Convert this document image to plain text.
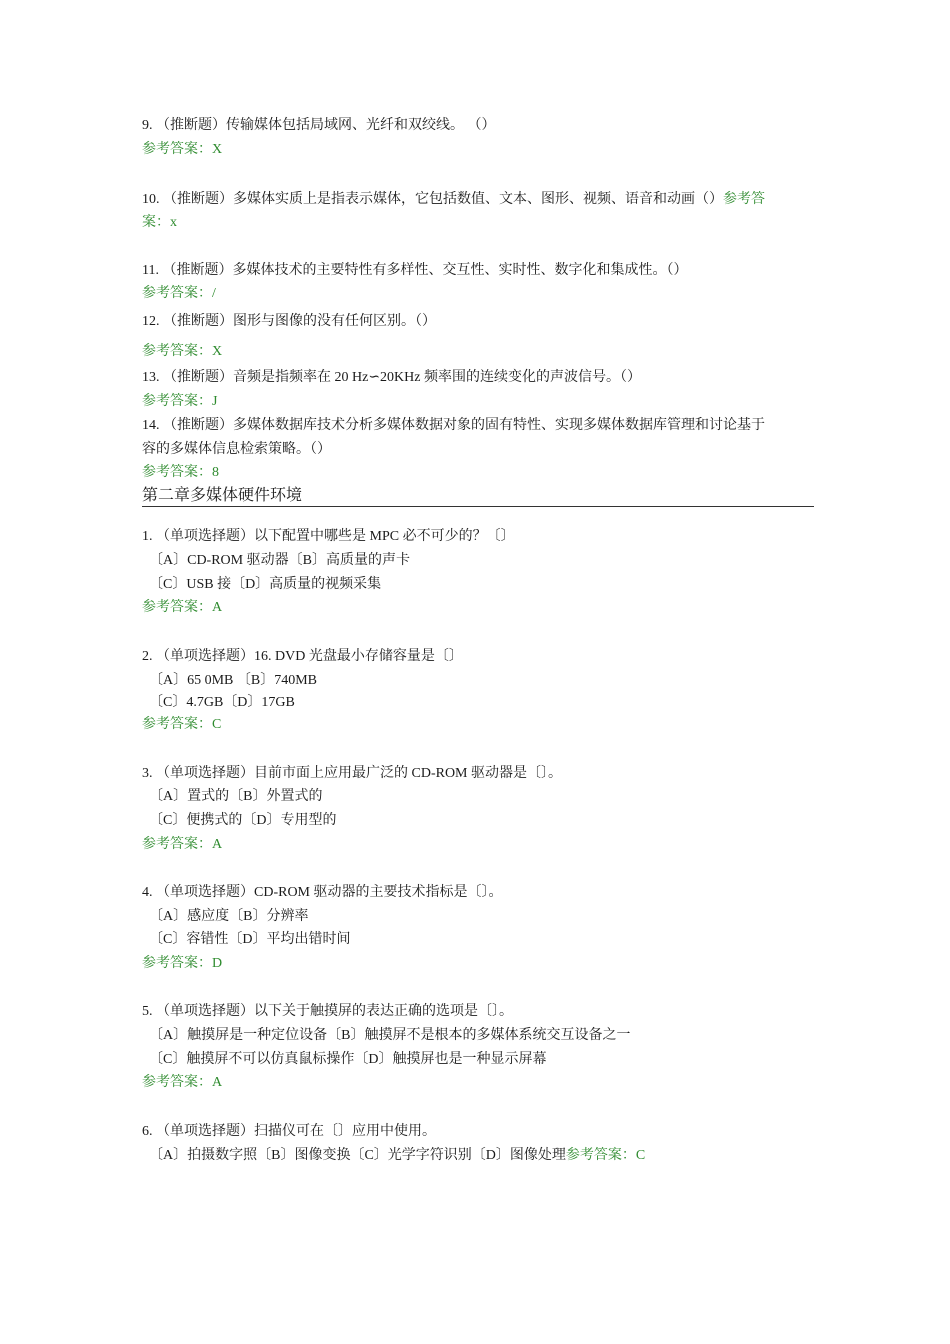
9. （推断题）传输媒体包括局域网、光纤和双绞线。 （）
参考答案：X
10. （推断题）多媒体实质上是指表示媒体，它包括数值、文本、图形、视频、语音和动画（）参考答
案：x
11. （推断题）多媒体技术的主要特性有多样性、交互性、实时性、数字化和集成性。（）
参考答案：/
12. （推断题）图形与图像的没有任何区别。（）
参考答案：X
13. （推断题）音频是指频率在 20 Hz∽20KHz 频率围的连续变化的声波信号。（）
参考答案：J
14. （推断题）多媒体数据库技术分析多媒体数据对象的固有特性、实现多媒体数据库管理和讨论基于
容的多媒体信息检索策略。（）
参考答案：8
第二章多媒体硬件环境
1. （单项选择题）以下配置中哪些是 MPC 必不可少的？〔〕
〔A〕CD-ROM 驱动器〔B〕高质量的声卡
〔C〕USB 接〔D〕高质量的视频采集
参考答案：A
2. （单项选择题）16. DVD 光盘最小存储容量是〔〕
〔A〕65 0MB 〔B〕740MB
〔C〕4.7GB〔D〕17GB
参考答案：C
3. （单项选择题）目前市面上应用最广泛的 CD-ROM 驱动器是〔〕。
〔A〕置式的〔B〕外置式的
〔C〕便携式的〔D〕专用型的
参考答案：A
4. （单项选择题）CD-ROM 驱动器的主要技术指标是〔〕。
〔A〕感应度〔B〕分辨率
〔C〕容错性〔D〕平均出错时间
参考答案：D
5. （单项选择题）以下关于触摸屏的表达正确的选项是〔〕。
〔A〕触摸屏是一种定位设备〔B〕触摸屏不是根本的多媒体系统交互设备之一
〔C〕触摸屏不可以仿真鼠标操作〔D〕触摸屏也是一种显示屏幕
参考答案：A
6. （单项选择题）扫描仪可在〔〕应用中使用。
〔A〕拍摄数字照〔B〕图像变换〔C〕光学字符识别〔D〕图像处理参考答案：C
